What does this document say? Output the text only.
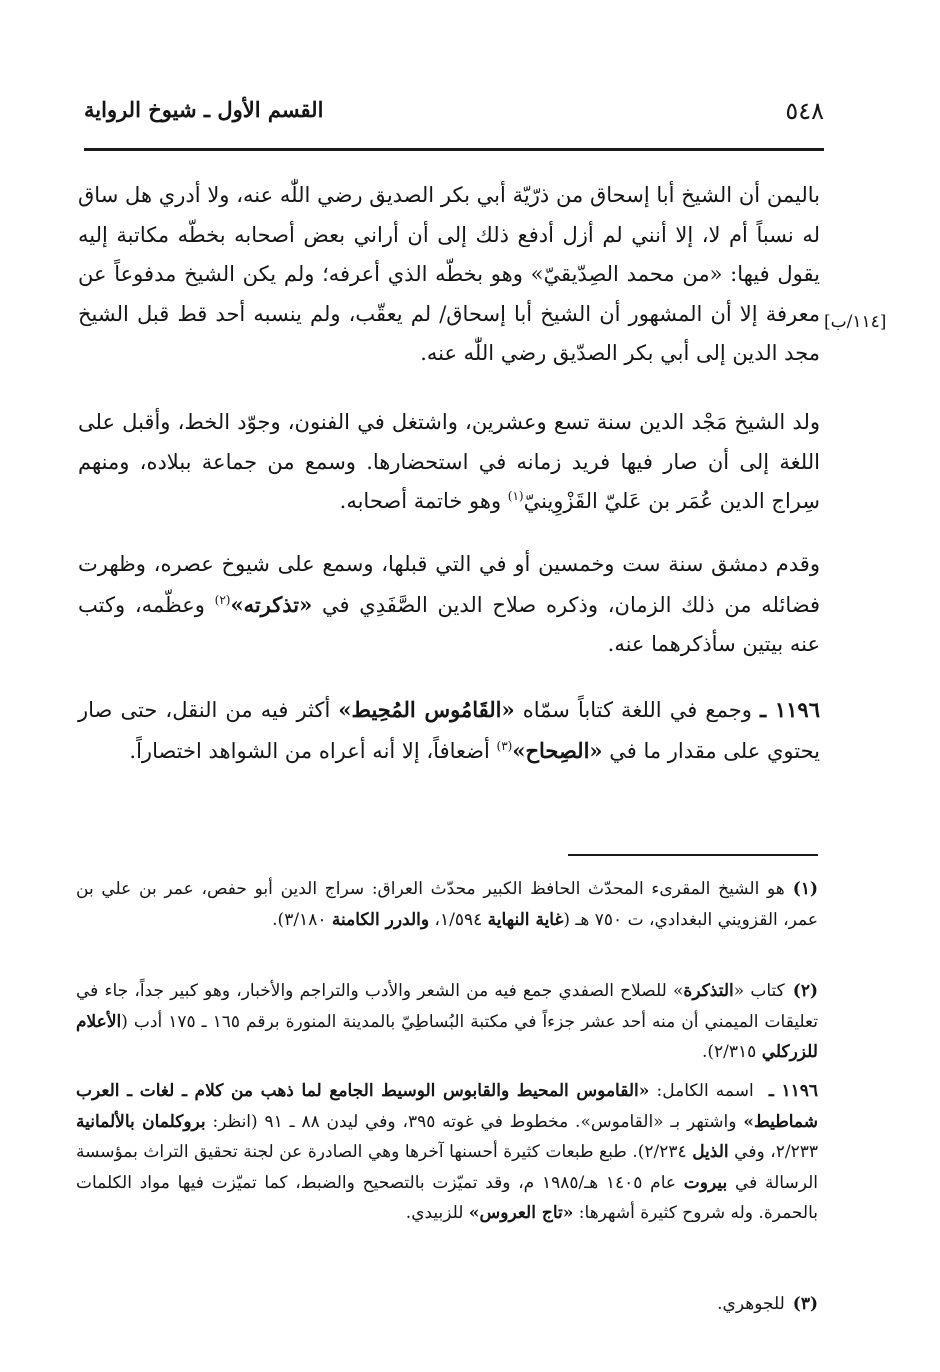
٥٤٨
القسم الأول ـ شيوخ الرواية
[١١٤/ب]

باليمن أن الشيخ أبا إسحاق من ذرّيّة أبي بكر الصديق رضي اللّٰه عنه، ولا أدري هل ساق له نسباً أم لا، إلا أنني لم أزل أدفع ذلك إلى أن أراني بعض أصحابه بخطّه مكاتبة إليه يقول فيها: «من محمد الصِدّيقيّ» وهو بخطّه الذي أعرفه؛ ولم يكن الشيخ مدفوعاً عن معرفة إلا أن المشهور أن الشيخ أبا إسحاق/ لم يعقّب، ولم ينسبه أحد قط قبل الشيخ مجد الدين إلى أبي بكر الصدّيق رضي اللّٰه عنه.

ولد الشيخ مَجْد الدين سنة تسع وعشرين، واشتغل في الفنون، وجوّد الخط، وأقبل على اللغة إلى أن صار فيها فريد زمانه في استحضارها. وسمع من جماعة ببلاده، ومنهم سِراج الدين عُمَر بن عَليّ القَزْوِينيّ$^{(١)}$ وهو خاتمة أصحابه.

وقدم دمشق سنة ست وخمسين أو في التي قبلها، وسمع على شيوخ عصره، وظهرت فضائله من ذلك الزمان، وذكره صلاح الدين الصَّفَدِي في «تذكرته»$^{(٢)}$ وعظّمه، وكتب عنه بيتين سأذكرهما عنه.

١١٩٦ ـ وجمع في اللغة كتاباً سمّاه «القَامُوس المُحِيط» أكثر فيه من النقل، حتى صار يحتوي على مقدار ما في «الصِحاح»$^{(٣)}$ أضعافاً، إلا أنه أعراه من الشواهد اختصاراً.

(١)هو الشيخ المقرىء المحدّث الحافظ الكبير محدّث العراق: سراج الدين أبو حفص، عمر بن علي بن عمر، القزويني البغدادي، ت ٧٥٠ هـ (غاية النهاية ١/٥٩٤، والدرر الكامنة ٣/١٨٠).

(٢)كتاب «التذكرة» للصلاح الصفدي جمع فيه من الشعر والأدب والتراجم والأخبار، وهو كبير جداً، جاء في تعليقات الميمني أن منه أحد عشر جزءاً في مكتبة البُساطِيّ بالمدينة المنورة برقم ١٦٥ ـ ١٧٥ أدب (الأعلام للزركلي ٢/٣١٥).

١١٩٦ ـ اسمه الكامل: «القاموس المحيط والقابوس الوسيط الجامع لما ذهب من كلام ـ لغات ـ العرب شماطيط» واشتهر بـ «القاموس». مخطوط في غوته ٣٩٥، وفي ليدن ٨٨ ـ ٩١ (انظر: بروكلمان بالألمانية ٢/٢٣٣، وفي الذيل ٢/٢٣٤). طبع طبعات كثيرة أحسنها آخرها وهي الصادرة عن لجنة تحقيق التراث بمؤسسة الرسالة في بيروت عام ١٤٠٥ هـ/١٩٨٥ م، وقد تميّزت بالتصحيح والضبط، كما تميّزت فيها مواد الكلمات بالحمرة. وله شروح كثيرة أشهرها: «تاج العروس» للزبيدي.

(٣)للجوهري.
